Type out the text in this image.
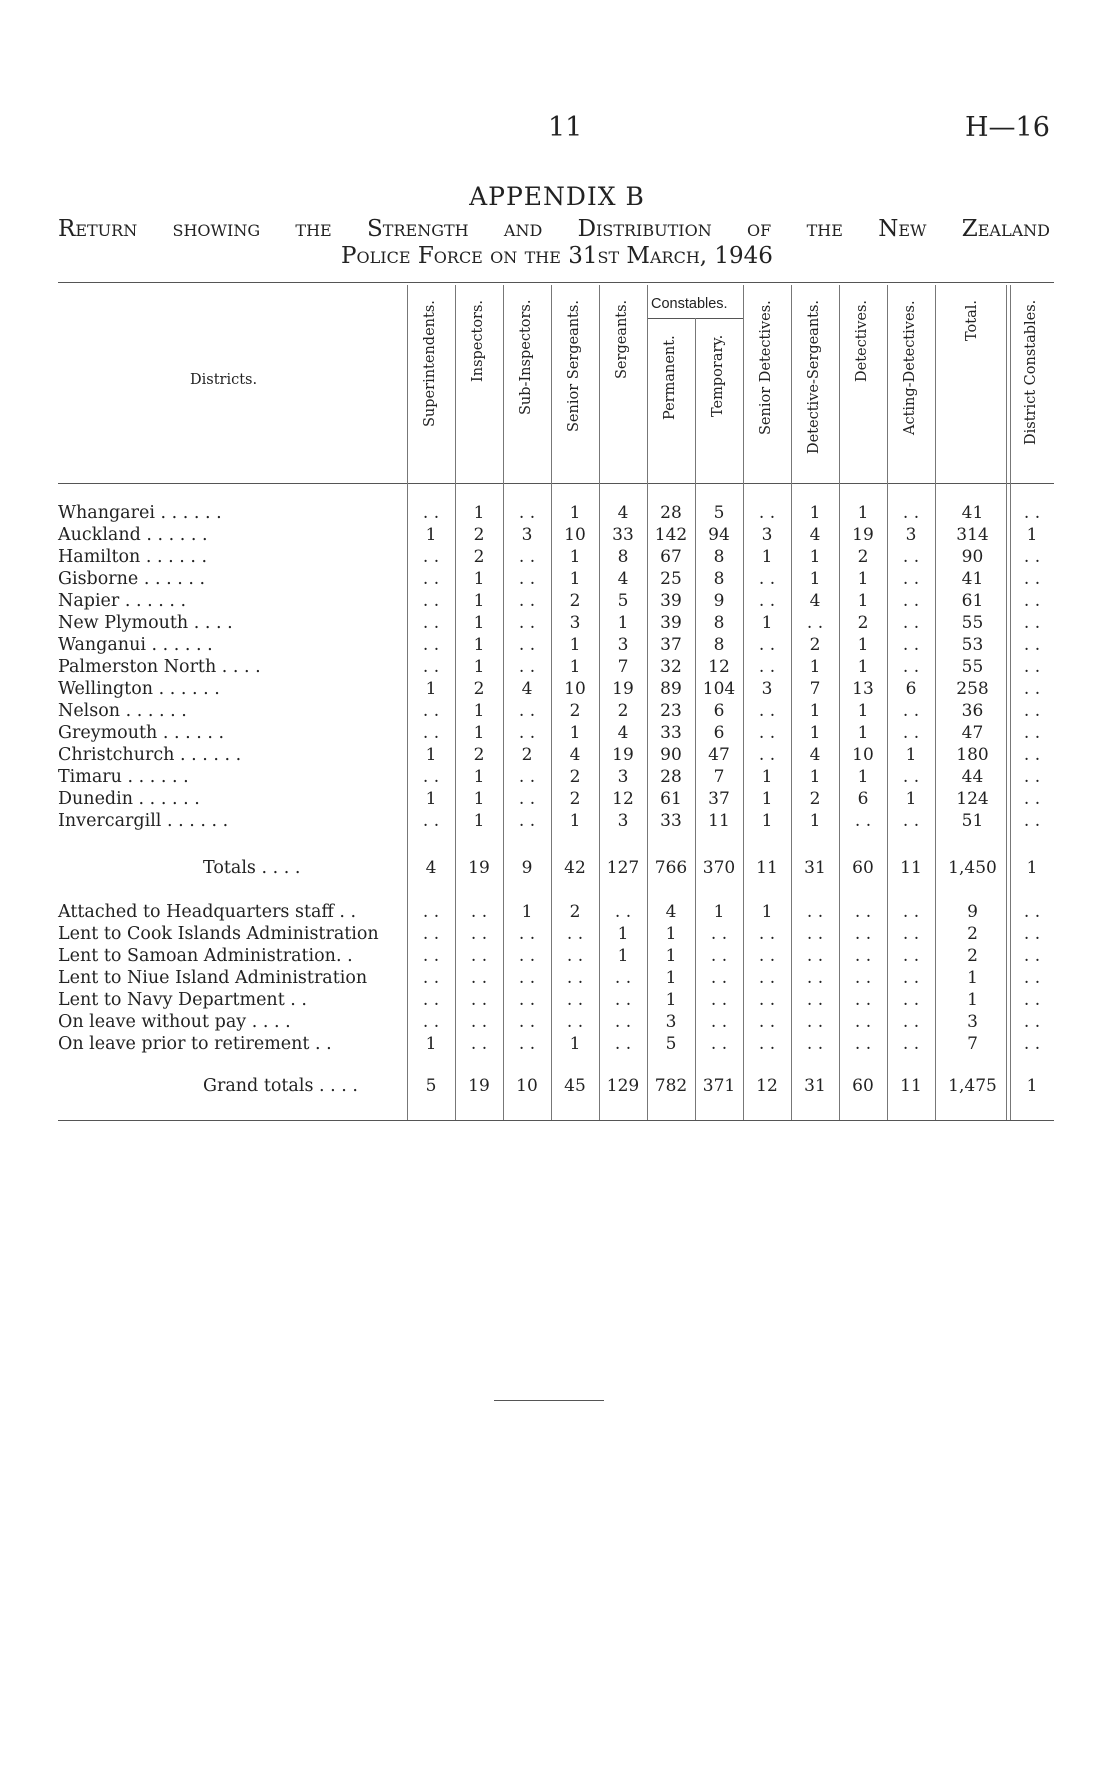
11	H—16
APPENDIX B
Return showing the Strength and Distribution of the New Zealand
Police Force on the 31st March, 1946
Districts.
Constables.
Superintendents. Inspectors. Sub-Inspectors. Senior Sergeants. Sergeants. Permanent. Temporary. Senior Detectives. Detective-Sergeants. Detectives. Acting-Detectives.	Total.	District Constables.
Whangarei . . . . . .	. .	1	. .	1	4	28	5	. .	1	1	. .	41	. .
Auckland . . . . . .	1	2	3	10	33	142	94	3	4	19	3	314	1
Hamilton . . . . . .	. .	2	. .	1	8	67	8	1	1	2	. .	90	. .
Gisborne . . . . . .	. .	1	. .	1	4	25	8	. .	1	1	. .	41	. .
Napier . . . . . .	. .	1	. .	2	5	39	9	. .	4	1	. .	61	. .
New Plymouth . . . .	. .	1	. .	3	1	39	8	1	. .	2	. .	55	. .
Wanganui . . . . . .	. .	1	. .	1	3	37	8	. .	2	1	. .	53	. .
Palmerston North . . . .	. .	1	. .	1	7	32	12	. .	1	1	. .	55	. .
Wellington . . . . . .	1	2	4	10	19	89	104	3	7	13	6	258	. .
Nelson . . . . . .	. .	1	. .	2	2	23	6	. .	1	1	. .	36	. .
Greymouth . . . . . .	. .	1	. .	1	4	33	6	. .	1	1	. .	47	. .
Christchurch . . . . . .	1	2	2	4	19	90	47	. .	4	10	1	180	. .
Timaru . . . . . .	. .	1	. .	2	3	28	7	1	1	1	. .	44	. .
Dunedin . . . . . .	1	1	. .	2	12	61	37	1	2	6	1	124	. .
Invercargill . . . . . .	. .	1	. .	1	3	33	11	1	1	. .	. .	51	. .
Totals . . . .	4	19	9	42	127 766 370	11	31	60	11	1,450	1
Attached to Headquarters staff . .	. .	. .	1	2	. .	4	1	1	. .	. .	. .	9	. .
Lent to Cook Islands Administration	. .	. .	. .	. .	1	1	. .	. .	. .	. .	. .	2	. .
Lent to Samoan Administration. .	. .	. .	. .	. .	1	1	. .	. .	. .	. .	. .	2	. .
Lent to Niue Island Administration	. .	. .	. .	. .	. .	1	. .	. .	. .	. .	. .	1	. .
Lent to Navy Department . .	. .	. .	. .	. .	. .	1	. .	. .	. .	. .	. .	1	. .
On leave without pay . . . .	. .	. .	. .	. .	. .	3	. .	. .	. .	. .	. .	3	. .
On leave prior to retirement . .	1	. .	. .	1	. .	5	. .	. .	. .	. .	. .	7	. .
Grand totals . . . .	5	19	10	45	129 782 371	12	31	60	11	1,475	1
